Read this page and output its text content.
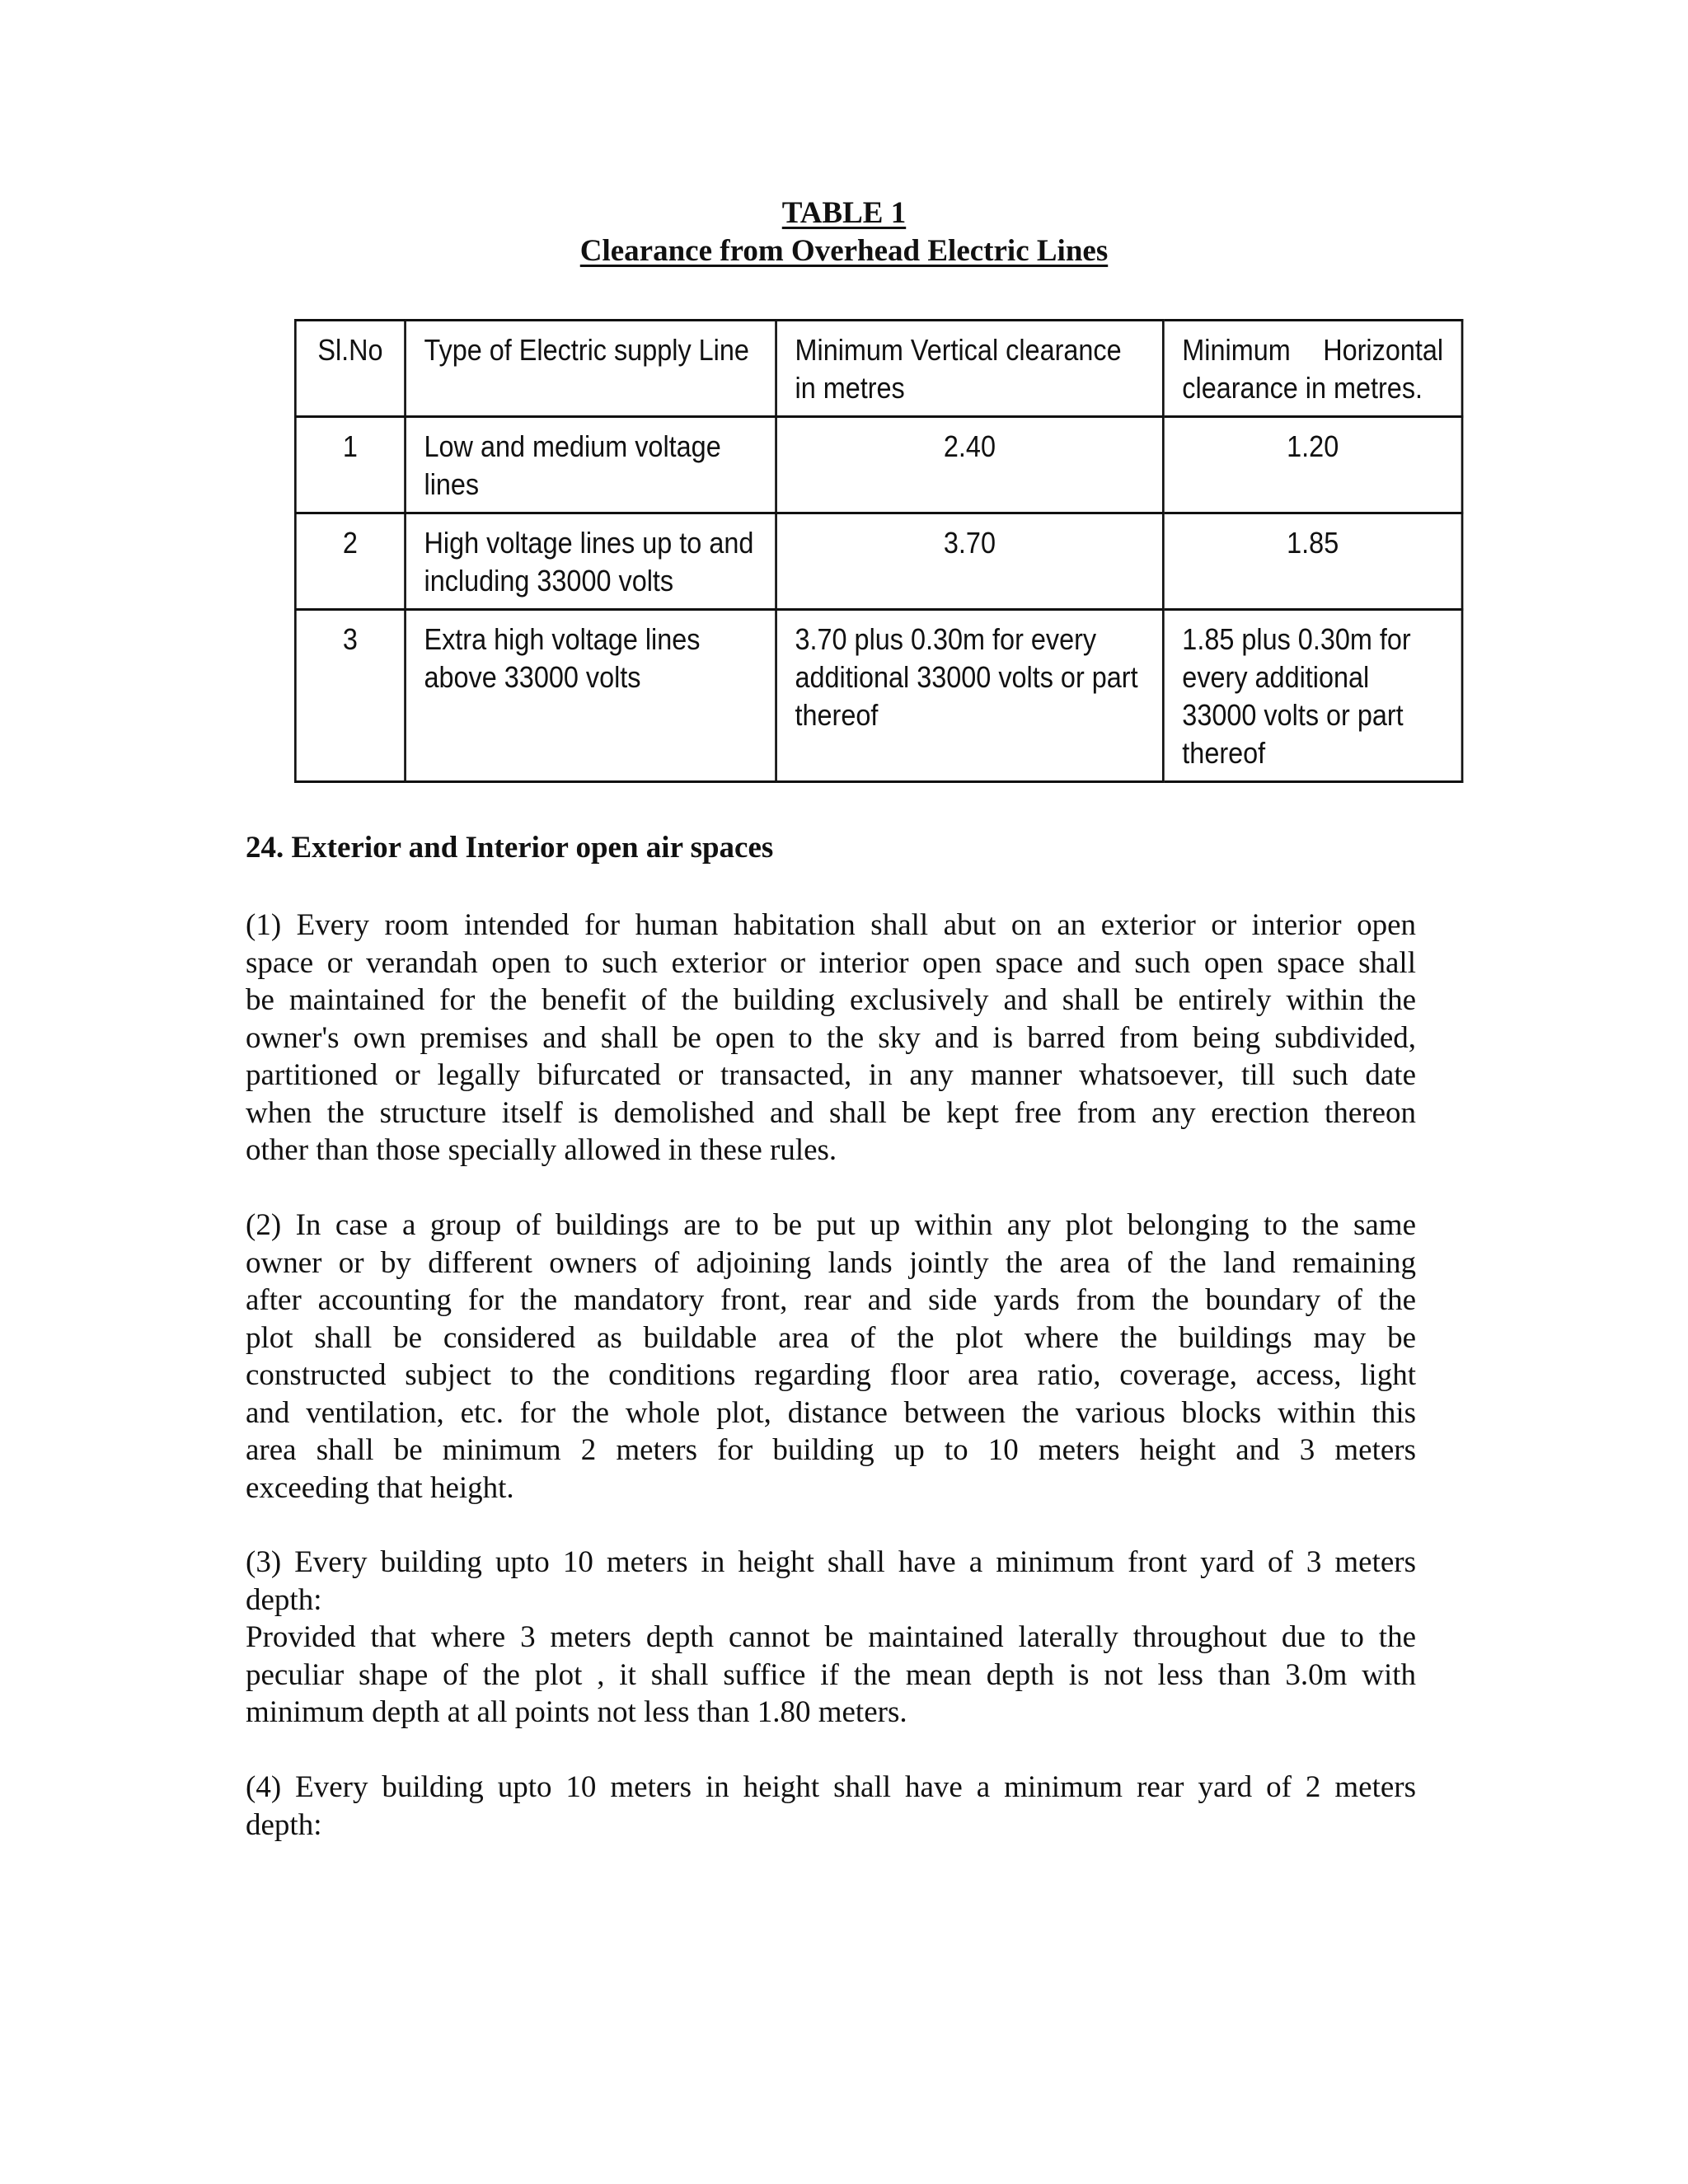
TABLE 1
Clearance from Overhead Electric Lines
Sl.No	Type of Electric supply Line	Minimum Vertical clearance in metres	Minimum Horizontal
clearance in metres.

1	Low and medium voltage lines	2.40	1.20
2	High voltage lines up to and including 33000 volts	3.70	1.85
3	Extra high voltage lines above 33000 volts	3.70 plus 0.30m for every additional 33000 volts or part thereof	1.85 plus 0.30m for every additional 33000 volts or part thereof
24. Exterior and Interior open air spaces
(1) Every room intended for human habitation shall abut on an exterior or interior open
space or verandah open to such exterior or interior open space and such open space shall
be maintained for the benefit of the building exclusively and shall be entirely within the
owner's own premises and shall be open to the sky and is barred from being subdivided,
partitioned or legally bifurcated or transacted, in any manner whatsoever, till such date
when the structure itself is demolished and shall be kept free from any erection thereon
other than those specially allowed in these rules.
(2) In case a group of buildings are to be put up within any plot belonging to the same
owner or by different owners of adjoining lands jointly the area of the land remaining
after accounting for the mandatory front, rear and side yards from the boundary of the
plot shall be considered as buildable area of the plot where the buildings may be
constructed subject to the conditions regarding floor area ratio, coverage, access, light
and ventilation, etc. for the whole plot, distance between the various blocks within this
area shall be minimum 2 meters for building up to 10 meters height and 3 meters
exceeding that height.
(3) Every building upto 10 meters in height shall have a minimum front yard of 3 meters
depth:
Provided that where 3 meters depth cannot be maintained laterally throughout due to the
peculiar shape of the plot , it shall suffice if the mean depth is not less than 3.0m with
minimum depth at all points not less than 1.80 meters.
(4) Every building upto 10 meters in height shall have a minimum rear yard of 2 meters
depth:
